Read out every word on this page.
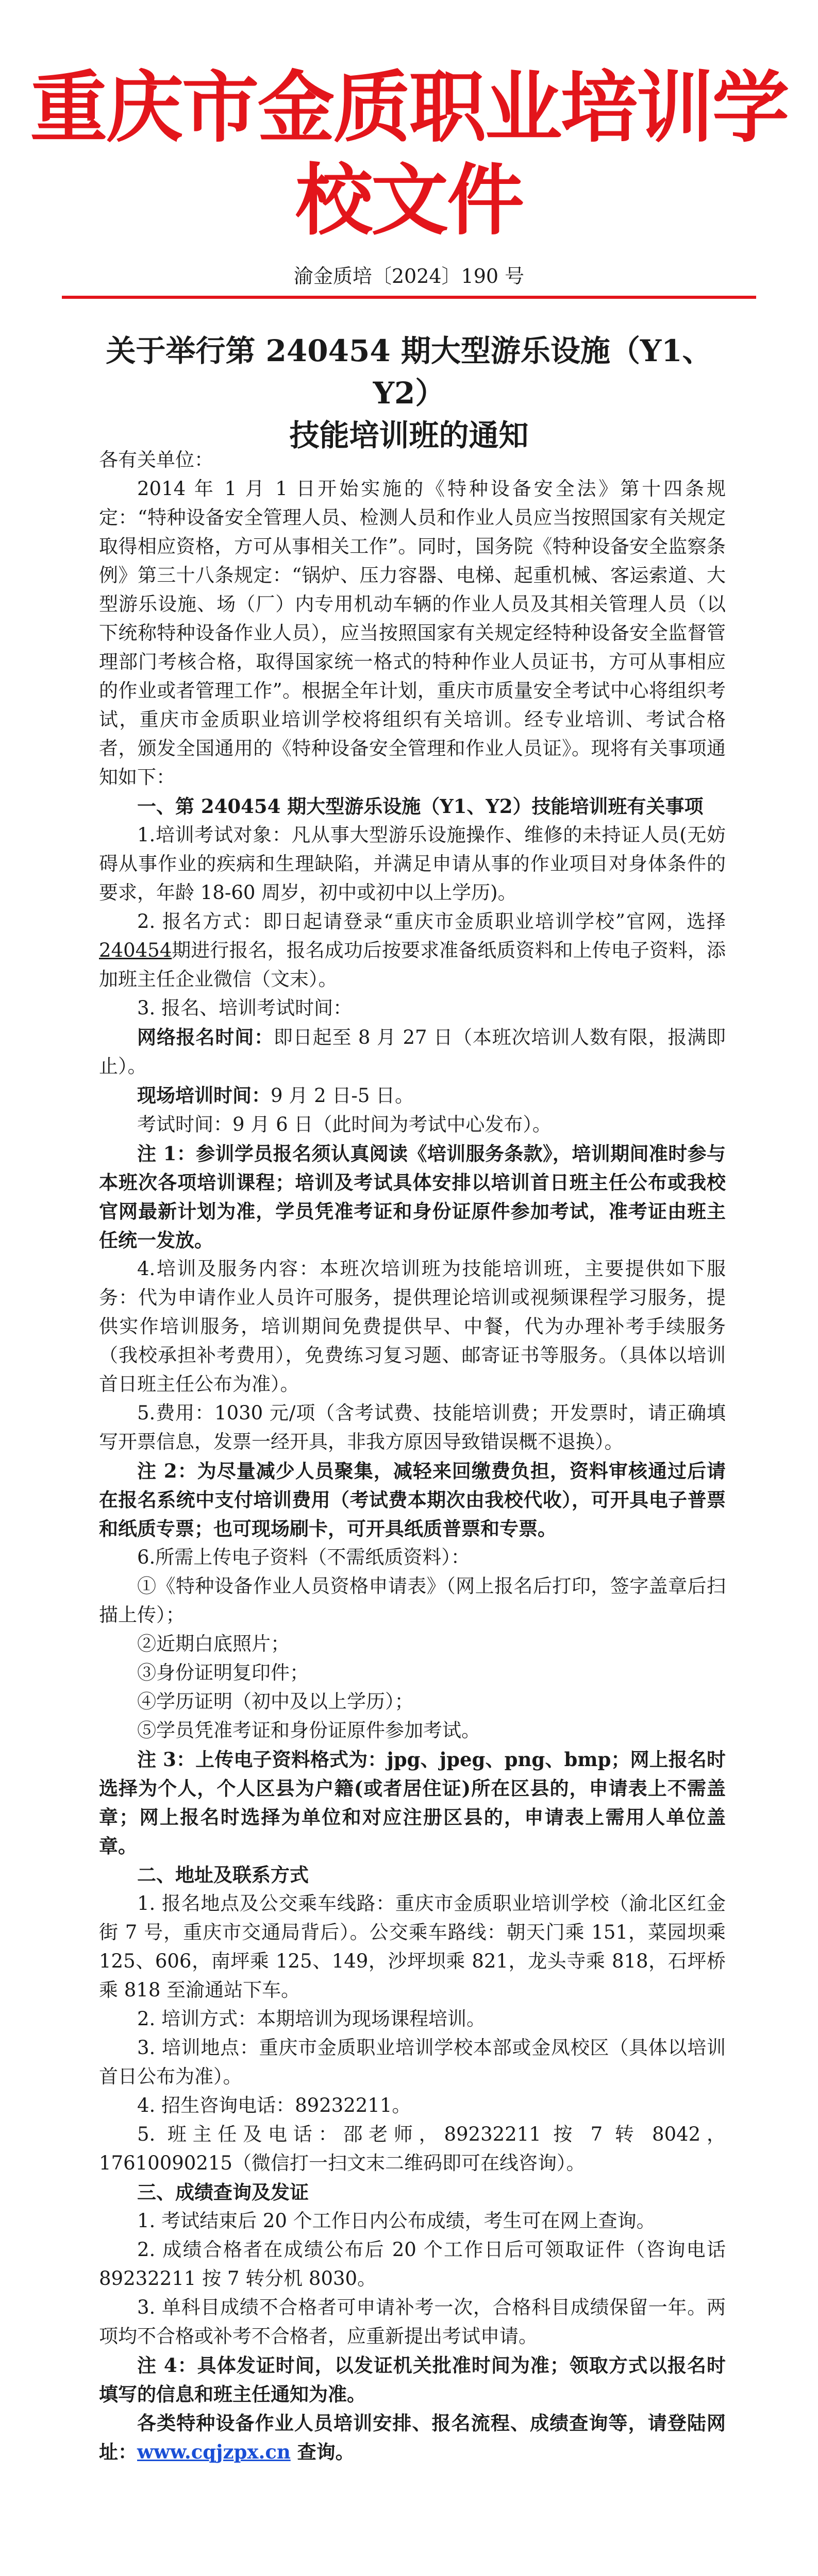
重庆市金质职业培训学校文件
渝金质培〔2024〕190 号
关于举行第 240454 期大型游乐设施（Y1、Y2）
技能培训班的通知

各有关单位：

2014 年 1 月 1 日开始实施的《特种设备安全法》第十四条规定：“特种设备安全管理人员、检测人员和作业人员应当按照国家有关规定取得相应资格，方可从事相关工作”。同时，国务院《特种设备安全监察条例》第三十八条规定：“锅炉、压力容器、电梯、起重机械、客运索道、大型游乐设施、场（厂）内专用机动车辆的作业人员及其相关管理人员（以下统称特种设备作业人员），应当按照国家有关规定经特种设备安全监督管理部门考核合格，取得国家统一格式的特种作业人员证书，方可从事相应的作业或者管理工作”。根据全年计划，重庆市质量安全考试中心将组织考试，重庆市金质职业培训学校将组织有关培训。经专业培训、考试合格者，颁发全国通用的《特种设备安全管理和作业人员证》。现将有关事项通知如下：

一、第 240454 期大型游乐设施（Y1、Y2）技能培训班有关事项

1.培训考试对象：凡从事大型游乐设施操作、维修的未持证人员(无妨碍从事作业的疾病和生理缺陷，并满足申请从事的作业项目对身体条件的要求，年龄 18-60 周岁，初中或初中以上学历)。

2. 报名方式：即日起请登录“重庆市金质职业培训学校”官网，选择240454期进行报名，报名成功后按要求准备纸质资料和上传电子资料，添加班主任企业微信（文末）。

3. 报名、培训考试时间：

网络报名时间：即日起至 8 月 27 日（本班次培训人数有限，报满即止）。

现场培训时间：9 月 2 日-5 日。

考试时间：9 月 6 日（此时间为考试中心发布）。

注 1：参训学员报名须认真阅读《培训服务条款》，培训期间准时参与本班次各项培训课程；培训及考试具体安排以培训首日班主任公布或我校官网最新计划为准，学员凭准考证和身份证原件参加考试，准考证由班主任统一发放。

4.培训及服务内容：本班次培训班为技能培训班，主要提供如下服务：代为申请作业人员许可服务，提供理论培训或视频课程学习服务，提供实作培训服务，培训期间免费提供早、中餐，代为办理补考手续服务（我校承担补考费用），免费练习复习题、邮寄证书等服务。（具体以培训首日班主任公布为准）。

5.费用：1030 元/项（含考试费、技能培训费；开发票时，请正确填写开票信息，发票一经开具，非我方原因导致错误概不退换）。

注 2：为尽量减少人员聚集，减轻来回缴费负担，资料审核通过后请在报名系统中支付培训费用（考试费本期次由我校代收），可开具电子普票和纸质专票；也可现场刷卡，可开具纸质普票和专票。

6.所需上传电子资料（不需纸质资料）：

①《特种设备作业人员资格申请表》（网上报名后打印，签字盖章后扫描上传）；

②近期白底照片；

③身份证明复印件；

④学历证明（初中及以上学历）；

⑤学员凭准考证和身份证原件参加考试。

注 3：上传电子资料格式为：jpg、jpeg、png、bmp；网上报名时选择为个人，个人区县为户籍(或者居住证)所在区县的，申请表上不需盖章；网上报名时选择为单位和对应注册区县的，申请表上需用人单位盖章。

二、地址及联系方式

1. 报名地点及公交乘车线路：重庆市金质职业培训学校（渝北区红金街 7 号，重庆市交通局背后）。公交乘车路线：朝天门乘 151，菜园坝乘 125、606，南坪乘 125、149，沙坪坝乘 821，龙头寺乘 818，石坪桥乘 818 至渝通站下车。

2. 培训方式：本期培训为现场课程培训。

3. 培训地点：重庆市金质职业培训学校本部或金凤校区（具体以培训首日公布为准）。

4. 招生咨询电话：89232211。

5. 班主任及电话：邵老师，89232211 按 7 转 8042，17610090215（微信打一扫文末二维码即可在线咨询）。

三、成绩查询及发证

1. 考试结束后 20 个工作日内公布成绩，考生可在网上查询。

2. 成绩合格者在成绩公布后 20 个工作日后可领取证件（咨询电话 89232211 按 7 转分机 8030。

3. 单科目成绩不合格者可申请补考一次，合格科目成绩保留一年。两项均不合格或补考不合格者，应重新提出考试申请。

注 4：具体发证时间，以发证机关批准时间为准；领取方式以报名时填写的信息和班主任通知为准。

各类特种设备作业人员培训安排、报名流程、成绩查询等，请登陆网址：www.cqjzpx.cn 查询。
